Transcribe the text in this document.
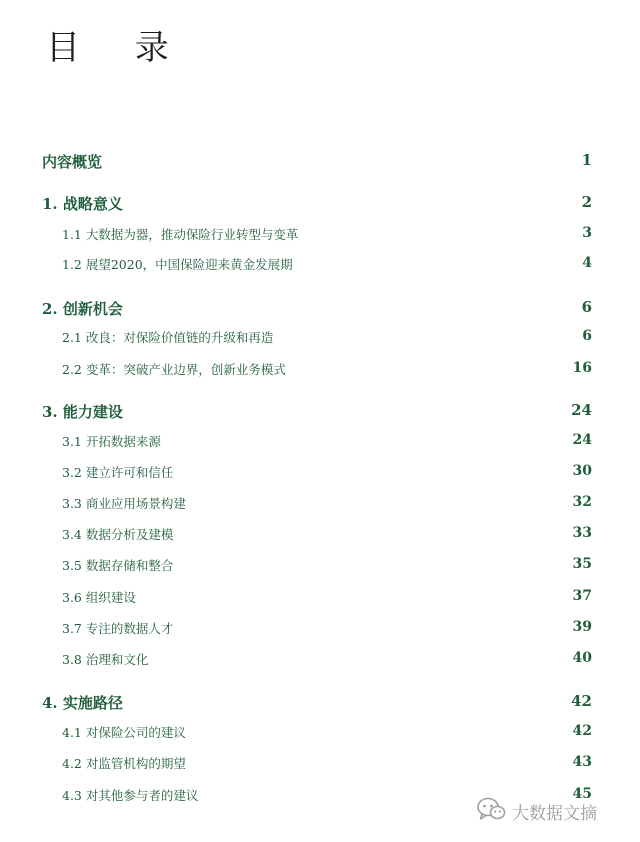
目 录
内容概览	1
1. 战略意义	2
1.1 大数据为器，推动保险行业转型与变革	3
1.2 展望2020，中国保险迎来黄金发展期	4
2. 创新机会	6
2.1 改良：对保险价值链的升级和再造	6
2.2 变革：突破产业边界，创新业务模式	16
3. 能力建设	24
3.1 开拓数据来源	24
3.2 建立许可和信任	30
3.3 商业应用场景构建	32
3.4 数据分析及建模	33
3.5 数据存储和整合	35
3.6 组织建设	37
3.7 专注的数据人才	39
3.8 治理和文化	40
4. 实施路径	42
4.1 对保险公司的建议	42
4.2 对监管机构的期望	43
4.3 对其他参与者的建议	45
大数据文摘
